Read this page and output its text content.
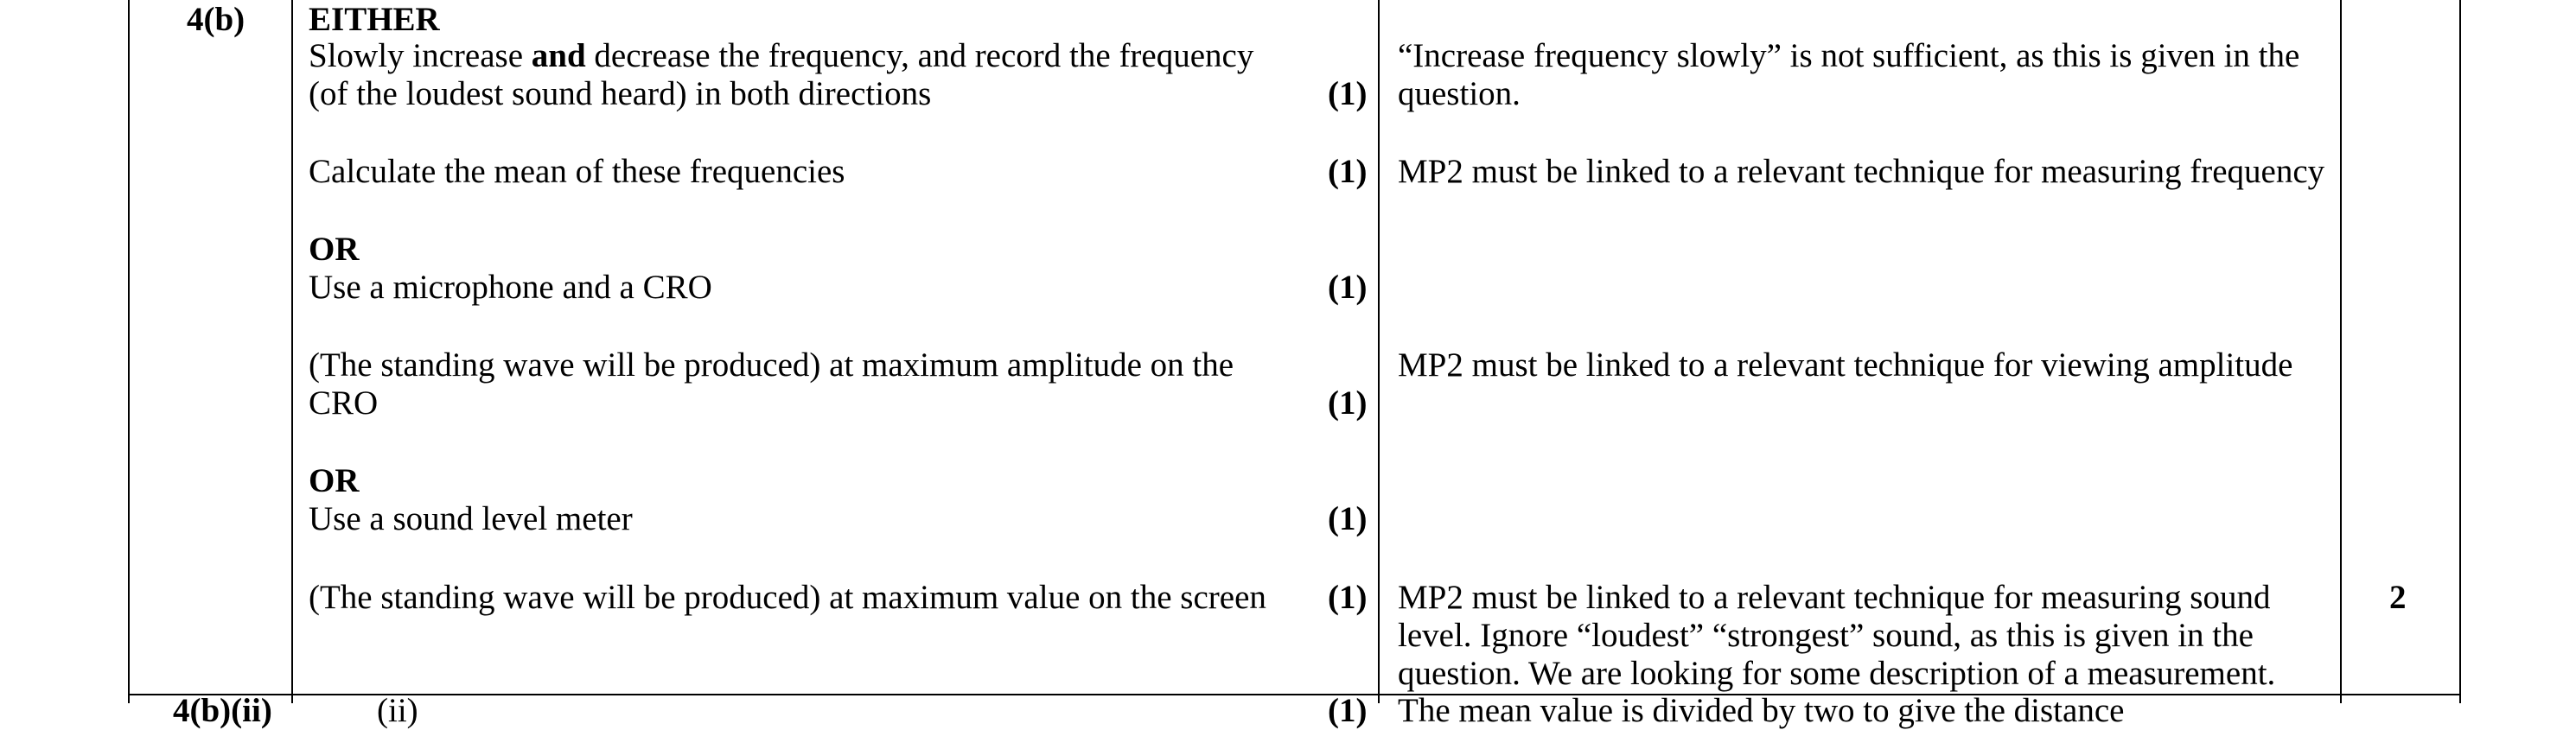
4(b) EITHER
Slowly increase and decrease the frequency, and record the frequency
(of the loudest sound heard) in both directions
Calculate the mean of these frequencies
OR
Use a microphone and a CRO
(The standing wave will be produced) at maximum amplitude on the
CRO
OR
Use a sound level meter
(The standing wave will be produced) at maximum value on the screen
(1)
(1)
(1)
(1)
(1)
(1)
“Increase frequency slowly” is not sufficient, as this is given in the
question.
MP2 must be linked to a relevant technique for measuring frequency
MP2 must be linked to a relevant technique for viewing amplitude
MP2 must be linked to a relevant technique for measuring sound
level. Ignore “loudest” “strongest” sound, as this is given in the
question. We are looking for some description of a measurement.
2
4(b)(ii)	(ii)	(1) The mean value is divided by two to give the distance
